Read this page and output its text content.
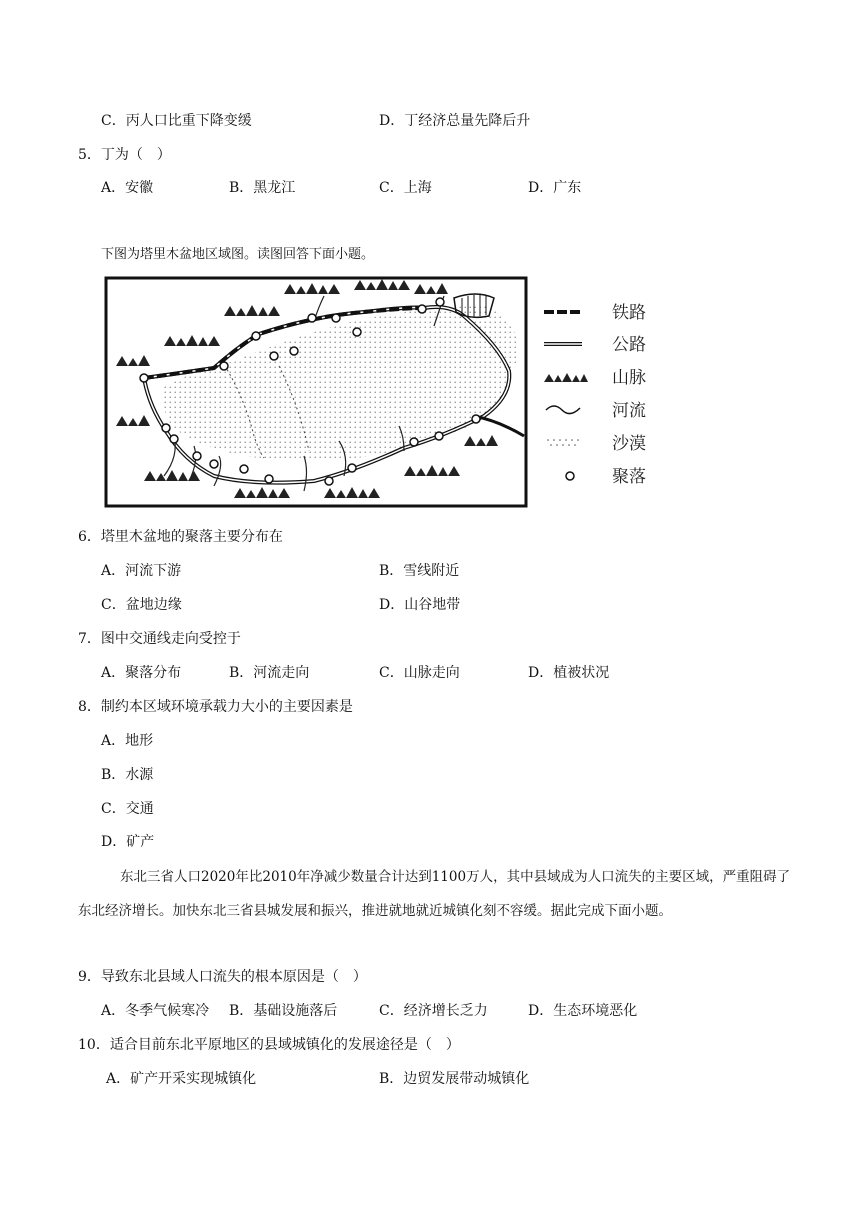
C．丙人口比重下降变缓	D．丁经济总量先降后升
5．丁为（　）
A．安徽	B．黑龙江	C．上海	D．广东
下图为塔里木盆地区域图。读图回答下面小题。
铁路
公路
山脉
河流
沙漠
聚落
6．塔里木盆地的聚落主要分布在
A．河流下游	B．雪线附近
C．盆地边缘	D．山谷地带
7．图中交通线走向受控于
A．聚落分布	B．河流走向	C．山脉走向	D．植被状况
8．制约本区域环境承载力大小的主要因素是
A．地形
B．水源
C．交通
D．矿产
东北三省人口2020年比2010年净减少数量合计达到1100万人，其中县域成为人口流失的主要区域，严重阻碍了东北经济增长。加快东北三省县城发展和振兴，推进就地就近城镇化刻不容缓。据此完成下面小题。
9．导致东北县域人口流失的根本原因是（　）
A．冬季气候寒冷 B．基础设施落后	C．经济增长乏力	D．生态环境恶化
10．适合目前东北平原地区的县域城镇化的发展途径是（　）
A．矿产开采实现城镇化	B．边贸发展带动城镇化
